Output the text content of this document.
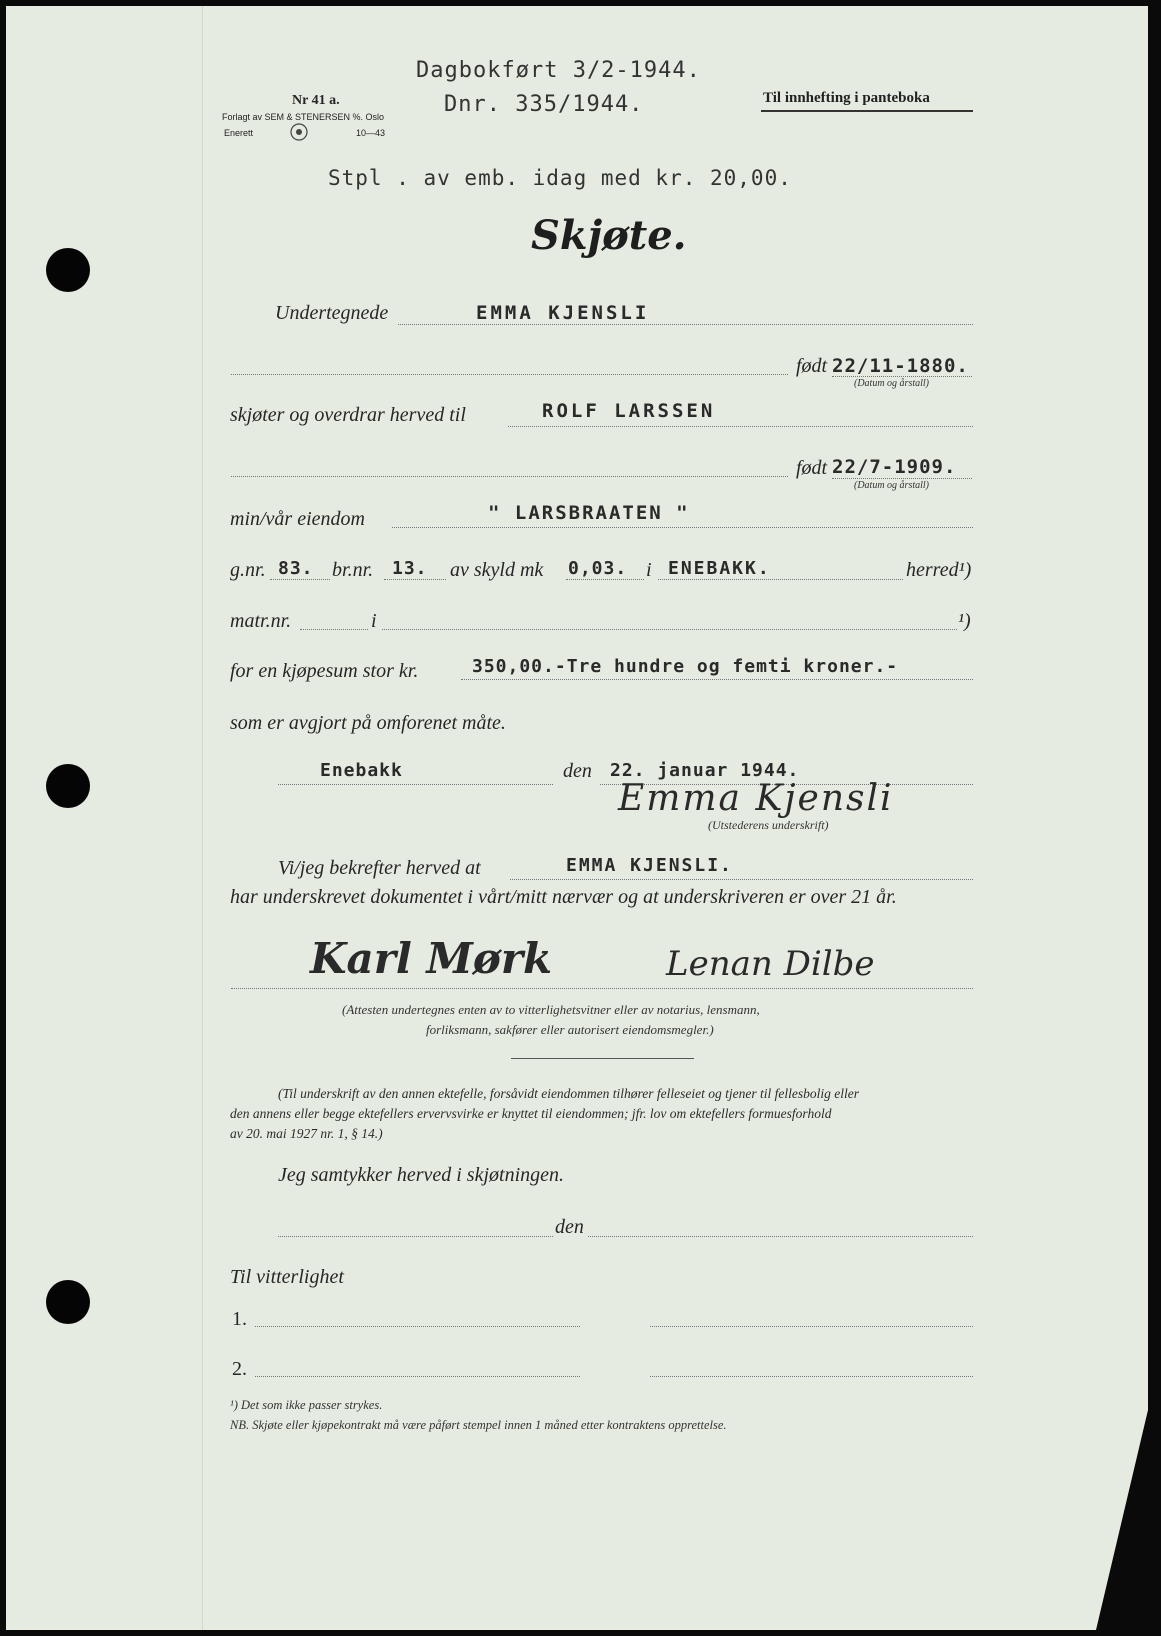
Nr 41 a.
Forlagt av SEM & STENERSEN %. Oslo
Enerett	10—43
Dagbokført 3/2-1944.
Dnr. 335/1944.	Til innhefting i panteboka
Stpl . av emb. idag med kr. 20,00.
Skjøte.
Undertegnede	EMMA KJENSLI
født 22/11-1880.
(Datum og årstall)
skjøter og overdrar herved til	ROLF LARSSEN
født 22/7-1909.
(Datum og årstall)
min/vår eiendom	" LARSBRAATEN "
g.nr. 83. br.nr. 13. av skyld mk 0,03. i ENEBAKK.	herred¹)
matr.nr.	i	¹)
for en kjøpesum stor kr.	350,00.-Tre hundre og femti kroner.-
som er avgjort på omforenet måte.
Enebakk	den 22. januar 1944.
Emma Kjensli
(Utstederens underskrift)
Vi/jeg bekrefter herved at	EMMA KJENSLI.
har underskrevet dokumentet i vårt/mitt nærvær og at underskriveren er over 21 år.
Karl Mørk	Lenan Dilbe
(Attesten undertegnes enten av to vitterlighetsvitner eller av notarius, lensmann,
forliksmann, sakfører eller autorisert eiendomsmegler.)
(Til underskrift av den annen ektefelle, forsåvidt eiendommen tilhører felleseiet og tjener til fellesbolig eller
den annens eller begge ektefellers ervervsvirke er knyttet til eiendommen; jfr. lov om ektefellers formuesforhold
av 20. mai 1927 nr. 1, § 14.)
Jeg samtykker herved i skjøtningen.
den
Til vitterlighet
1.
2.
¹) Det som ikke passer strykes.
NB. Skjøte eller kjøpekontrakt må være påført stempel innen 1 måned etter kontraktens opprettelse.
